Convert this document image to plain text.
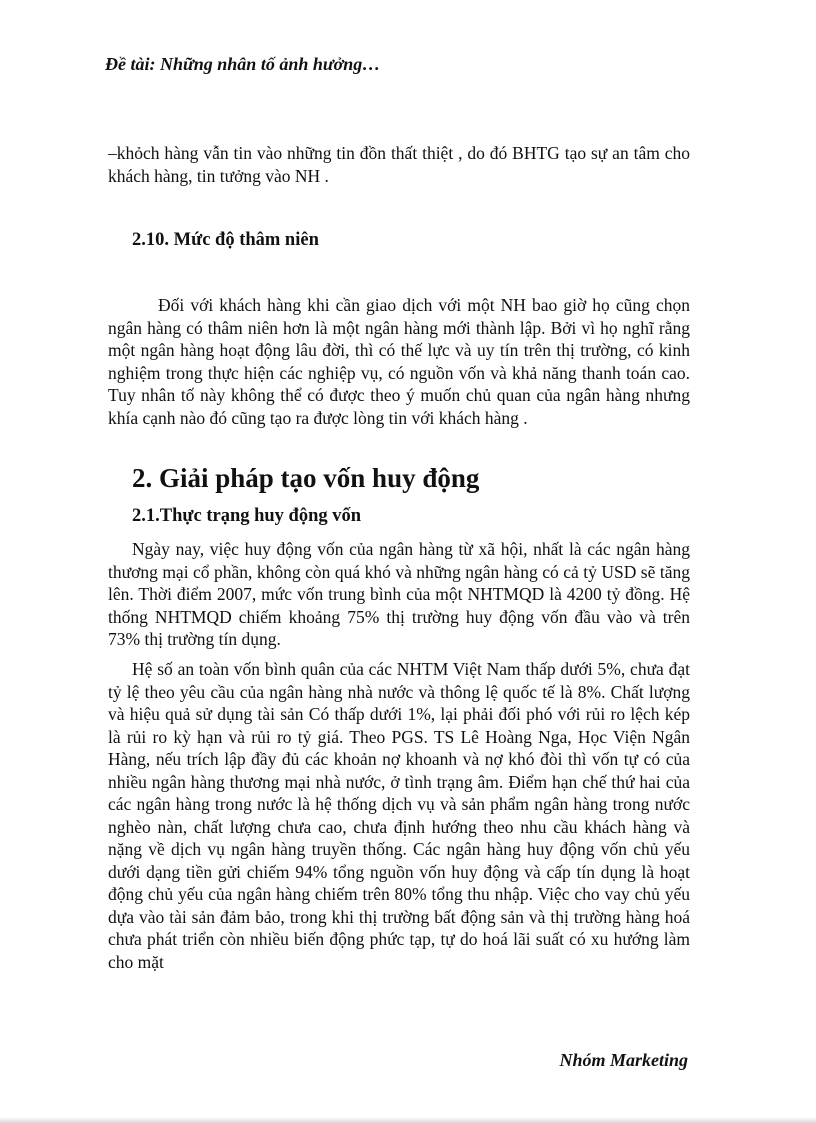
Đề tài: Những nhân tố ảnh hưởng…

–khỏch hàng vẫn tin vào những tin đồn thất thiệt , do đó BHTG tạo sự an tâm cho khách hàng, tin tưởng vào NH .

2.10. Mức độ thâm niên

Đối với khách hàng khi cần giao dịch với một NH bao giờ họ cũng chọn ngân hàng có thâm niên hơn là một ngân hàng mới thành lập. Bởi vì họ nghĩ rằng một ngân hàng hoạt động lâu đời, thì có thế lực và uy tín trên thị trường, có kinh nghiệm trong thực hiện các nghiệp vụ, có nguồn vốn và khả năng thanh toán cao. Tuy nhân tố này không thể có được theo ý muốn chủ quan của ngân hàng nhưng khía cạnh nào đó cũng tạo ra được lòng tin với khách hàng .

2. Giải pháp tạo vốn huy động
2.1.Thực trạng huy động vốn

Ngày nay, việc huy động vốn của ngân hàng từ xã hội, nhất là các ngân hàng thương mại cổ phần, không còn quá khó và những ngân hàng có cả tỷ USD sẽ tăng lên. Thời điểm 2007, mức vốn trung bình của một NHTMQD là 4200 tỷ đồng. Hệ thống NHTMQD chiếm khoảng 75% thị trường huy động vốn đầu vào và trên 73% thị trường tín dụng.

Hệ số an toàn vốn bình quân của các NHTM Việt Nam thấp dưới 5%, chưa đạt tỷ lệ theo yêu cầu của ngân hàng nhà nước và thông lệ quốc tế là 8%. Chất lượng và hiệu quả sử dụng tài sản Có thấp dưới 1%, lại phải đối phó với rủi ro lệch kép là rủi ro kỳ hạn và rủi ro tỷ giá. Theo PGS. TS Lê Hoàng Nga, Học Viện Ngân Hàng, nếu trích lập đầy đủ các khoản nợ khoanh và nợ khó đòi thì vốn tự có của nhiều ngân hàng thương mại nhà nước, ở tình trạng âm. Điểm hạn chế thứ hai của các ngân hàng trong nước là hệ thống dịch vụ và sản phẩm ngân hàng trong nước nghèo nàn, chất lượng chưa cao, chưa định hướng theo nhu cầu khách hàng và nặng về dịch vụ ngân hàng truyền thống. Các ngân hàng huy động vốn chủ yếu dưới dạng tiền gửi chiếm 94% tổng nguồn vốn huy động và cấp tín dụng là hoạt động chủ yếu của ngân hàng chiếm trên 80% tổng thu nhập. Việc cho vay chủ yếu dựa vào tài sản đảm bảo, trong khi thị trường bất động sản và thị trường hàng hoá chưa phát triển còn nhiều biến động phức tạp, tự do hoá lãi suất có xu hướng làm cho mặt

Nhóm Marketing
